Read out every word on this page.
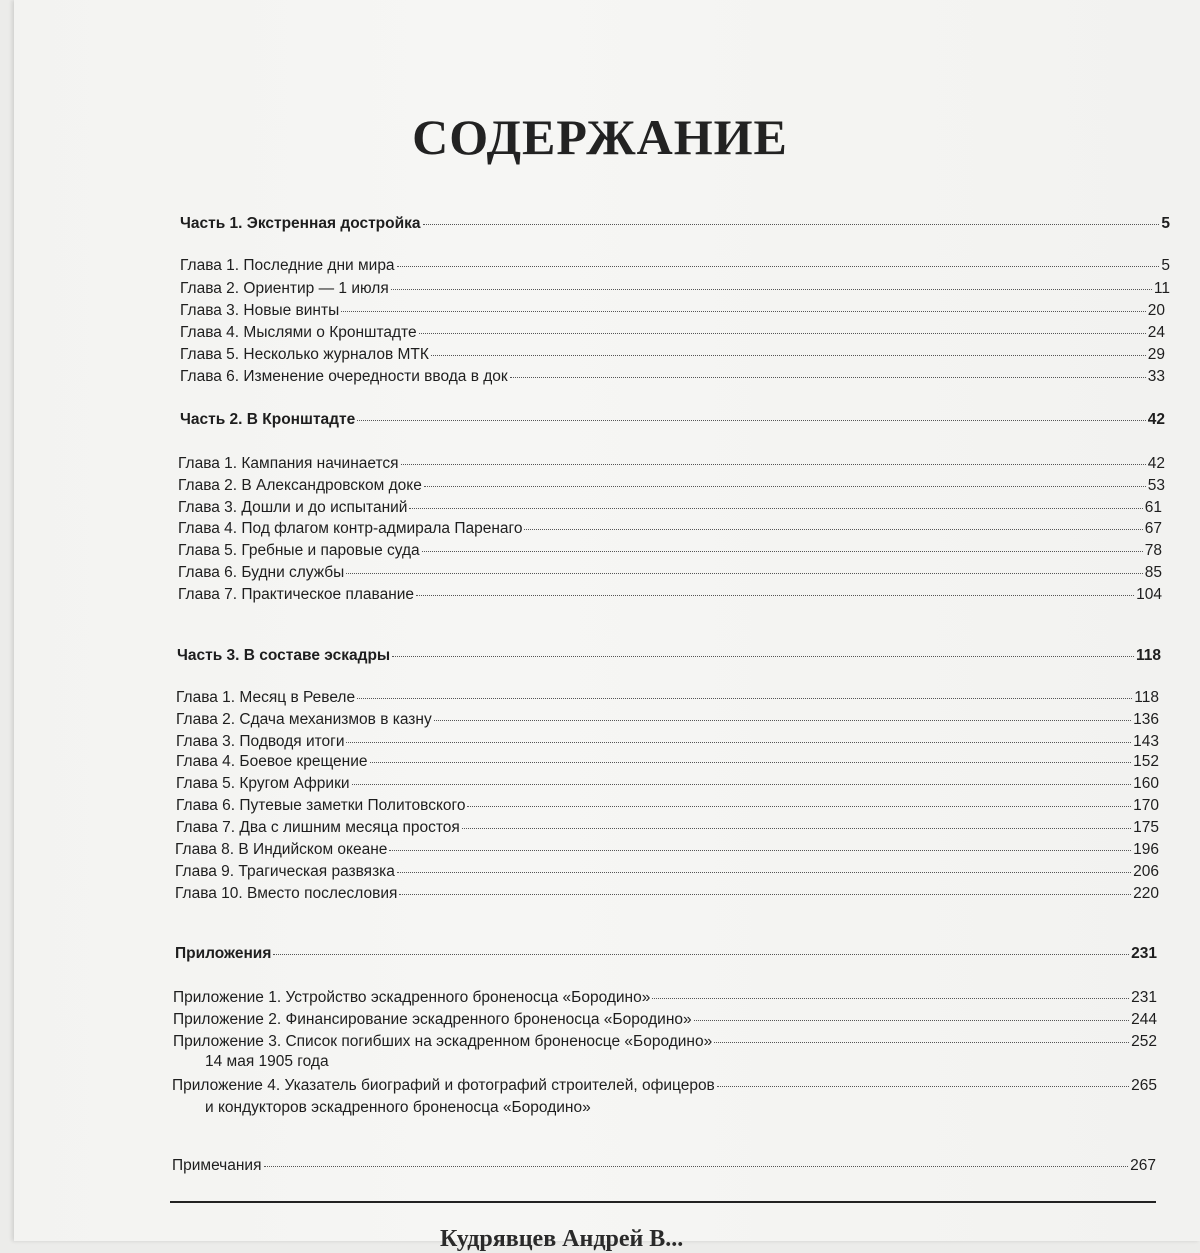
СОДЕРЖАНИЕ
Часть 1. Экстренная достройка	5
Глава 1. Последние дни мира	5
Глава 2. Ориентир — 1 июля	11
Глава 3. Новые винты	20
Глава 4. Мыслями о Кронштадте	24
Глава 5. Несколько журналов МТК	29
Глава 6. Изменение очередности ввода в док	33
Часть 2. В Кронштадте	42
Глава 1. Кампания начинается	42
Глава 2. В Александровском доке	53
Глава 3. Дошли и до испытаний	61
Глава 4. Под флагом контр-адмирала Паренаго	67
Глава 5. Гребные и паровые суда	78
Глава 6. Будни службы	85
Глава 7. Практическое плавание	104
Часть 3. В составе эскадры	118
Глава 1. Месяц в Ревеле	118
Глава 2. Сдача механизмов в казну	136
Глава 3. Подводя итоги	143
Глава 4. Боевое крещение	152
Глава 5. Кругом Африки	160
Глава 6. Путевые заметки Политовского	170
Глава 7. Два с лишним месяца простоя	175
Глава 8. В Индийском океане	196
Глава 9. Трагическая развязка	206
Глава 10. Вместо послесловия	220
Приложения	231
Приложение 1. Устройство эскадренного броненосца «Бородино»	231
Приложение 2. Финансирование эскадренного броненосца «Бородино»	244
Приложение 3. Список погибших на эскадренном броненосце «Бородино»	252
14 мая 1905 года
Приложение 4. Указатель биографий и фотографий строителей, офицеров	265
и кондукторов эскадренного броненосца «Бородино»
Примечания	267
Кудрявцев Андрей В...
